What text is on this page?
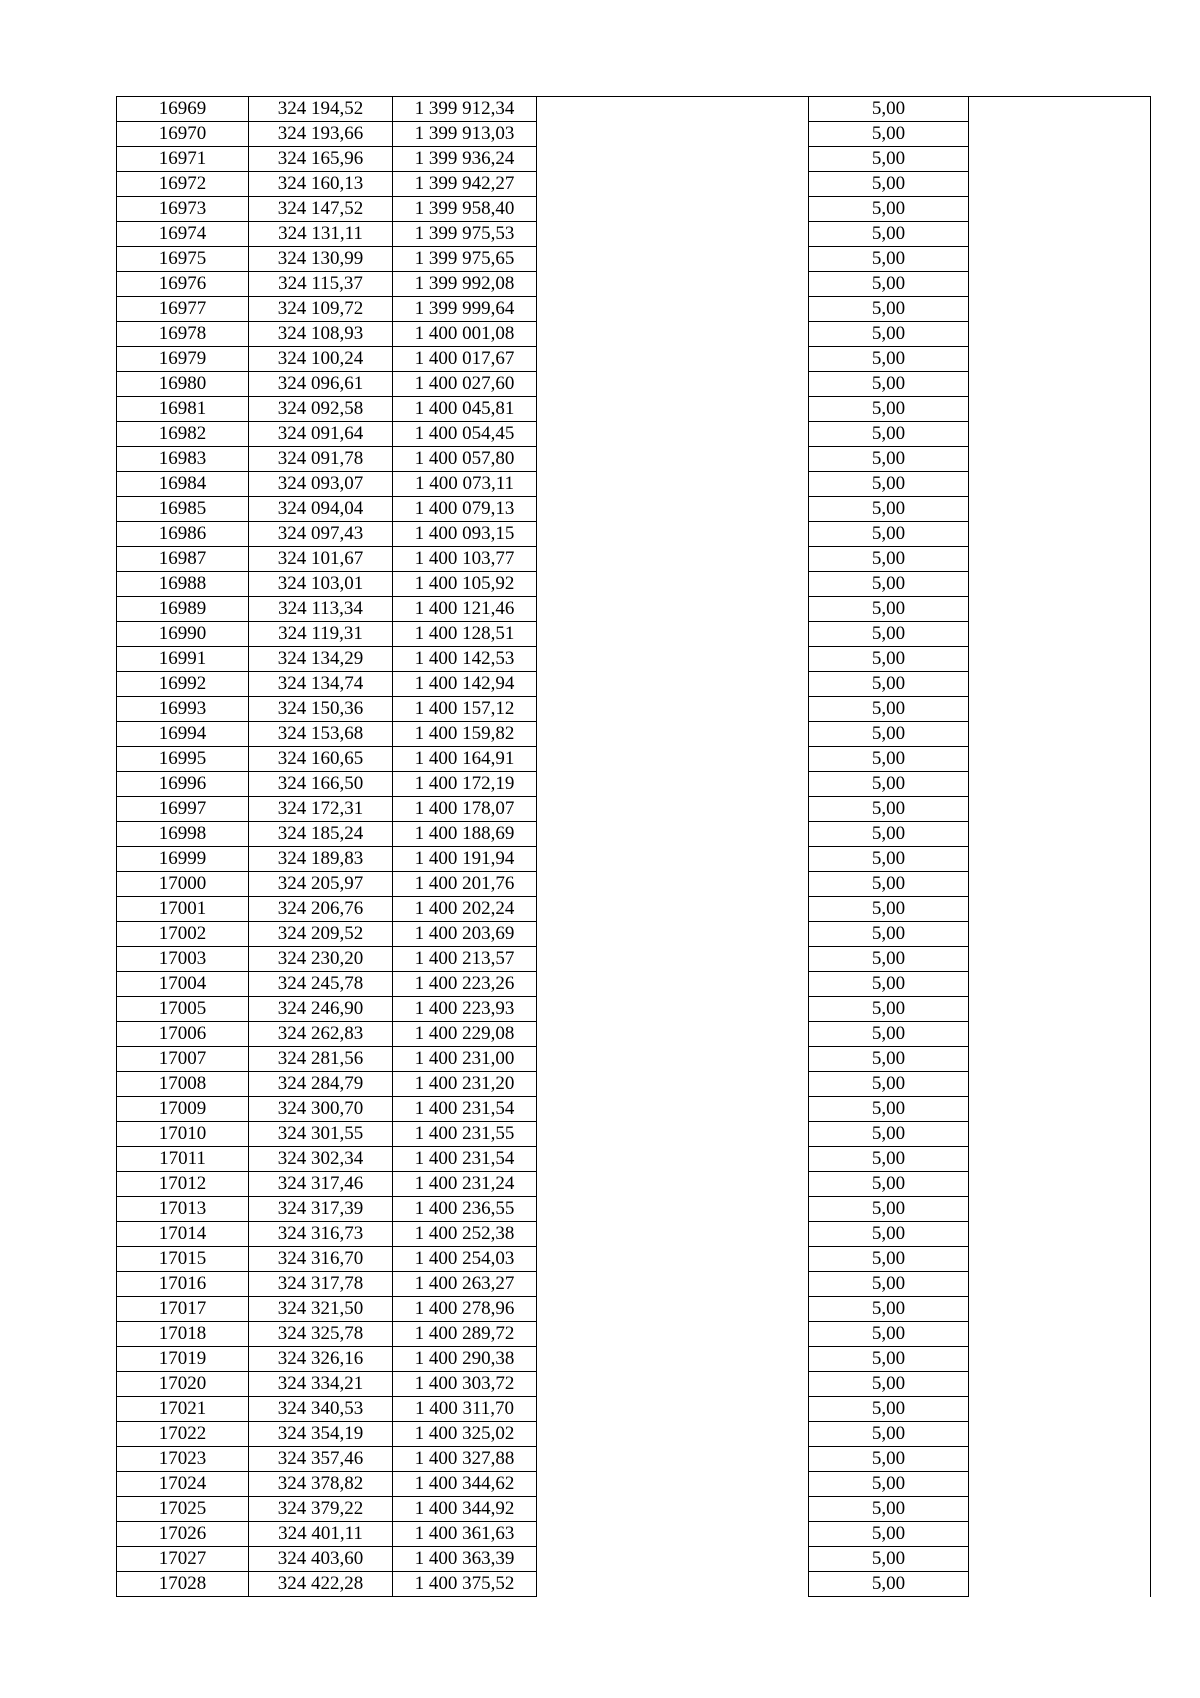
16969	324 194,52	1 399 912,34		5,00	
16970	324 193,66	1 399 913,03		5,00	
16971	324 165,96	1 399 936,24		5,00	
16972	324 160,13	1 399 942,27		5,00	
16973	324 147,52	1 399 958,40		5,00	
16974	324 131,11	1 399 975,53		5,00	
16975	324 130,99	1 399 975,65		5,00	
16976	324 115,37	1 399 992,08		5,00	
16977	324 109,72	1 399 999,64		5,00	
16978	324 108,93	1 400 001,08		5,00	
16979	324 100,24	1 400 017,67		5,00	
16980	324 096,61	1 400 027,60		5,00	
16981	324 092,58	1 400 045,81		5,00	
16982	324 091,64	1 400 054,45		5,00	
16983	324 091,78	1 400 057,80		5,00	
16984	324 093,07	1 400 073,11		5,00	
16985	324 094,04	1 400 079,13		5,00	
16986	324 097,43	1 400 093,15		5,00	
16987	324 101,67	1 400 103,77		5,00	
16988	324 103,01	1 400 105,92		5,00	
16989	324 113,34	1 400 121,46		5,00	
16990	324 119,31	1 400 128,51		5,00	
16991	324 134,29	1 400 142,53		5,00	
16992	324 134,74	1 400 142,94		5,00	
16993	324 150,36	1 400 157,12		5,00	
16994	324 153,68	1 400 159,82		5,00	
16995	324 160,65	1 400 164,91		5,00	
16996	324 166,50	1 400 172,19		5,00	
16997	324 172,31	1 400 178,07		5,00	
16998	324 185,24	1 400 188,69		5,00	
16999	324 189,83	1 400 191,94		5,00	
17000	324 205,97	1 400 201,76		5,00	
17001	324 206,76	1 400 202,24		5,00	
17002	324 209,52	1 400 203,69		5,00	
17003	324 230,20	1 400 213,57		5,00	
17004	324 245,78	1 400 223,26		5,00	
17005	324 246,90	1 400 223,93		5,00	
17006	324 262,83	1 400 229,08		5,00	
17007	324 281,56	1 400 231,00		5,00	
17008	324 284,79	1 400 231,20		5,00	
17009	324 300,70	1 400 231,54		5,00	
17010	324 301,55	1 400 231,55		5,00	
17011	324 302,34	1 400 231,54		5,00	
17012	324 317,46	1 400 231,24		5,00	
17013	324 317,39	1 400 236,55		5,00	
17014	324 316,73	1 400 252,38		5,00	
17015	324 316,70	1 400 254,03		5,00	
17016	324 317,78	1 400 263,27		5,00	
17017	324 321,50	1 400 278,96		5,00	
17018	324 325,78	1 400 289,72		5,00	
17019	324 326,16	1 400 290,38		5,00	
17020	324 334,21	1 400 303,72		5,00	
17021	324 340,53	1 400 311,70		5,00	
17022	324 354,19	1 400 325,02		5,00	
17023	324 357,46	1 400 327,88		5,00	
17024	324 378,82	1 400 344,62		5,00	
17025	324 379,22	1 400 344,92		5,00	
17026	324 401,11	1 400 361,63		5,00	
17027	324 403,60	1 400 363,39		5,00	
17028	324 422,28	1 400 375,52		5,00	
